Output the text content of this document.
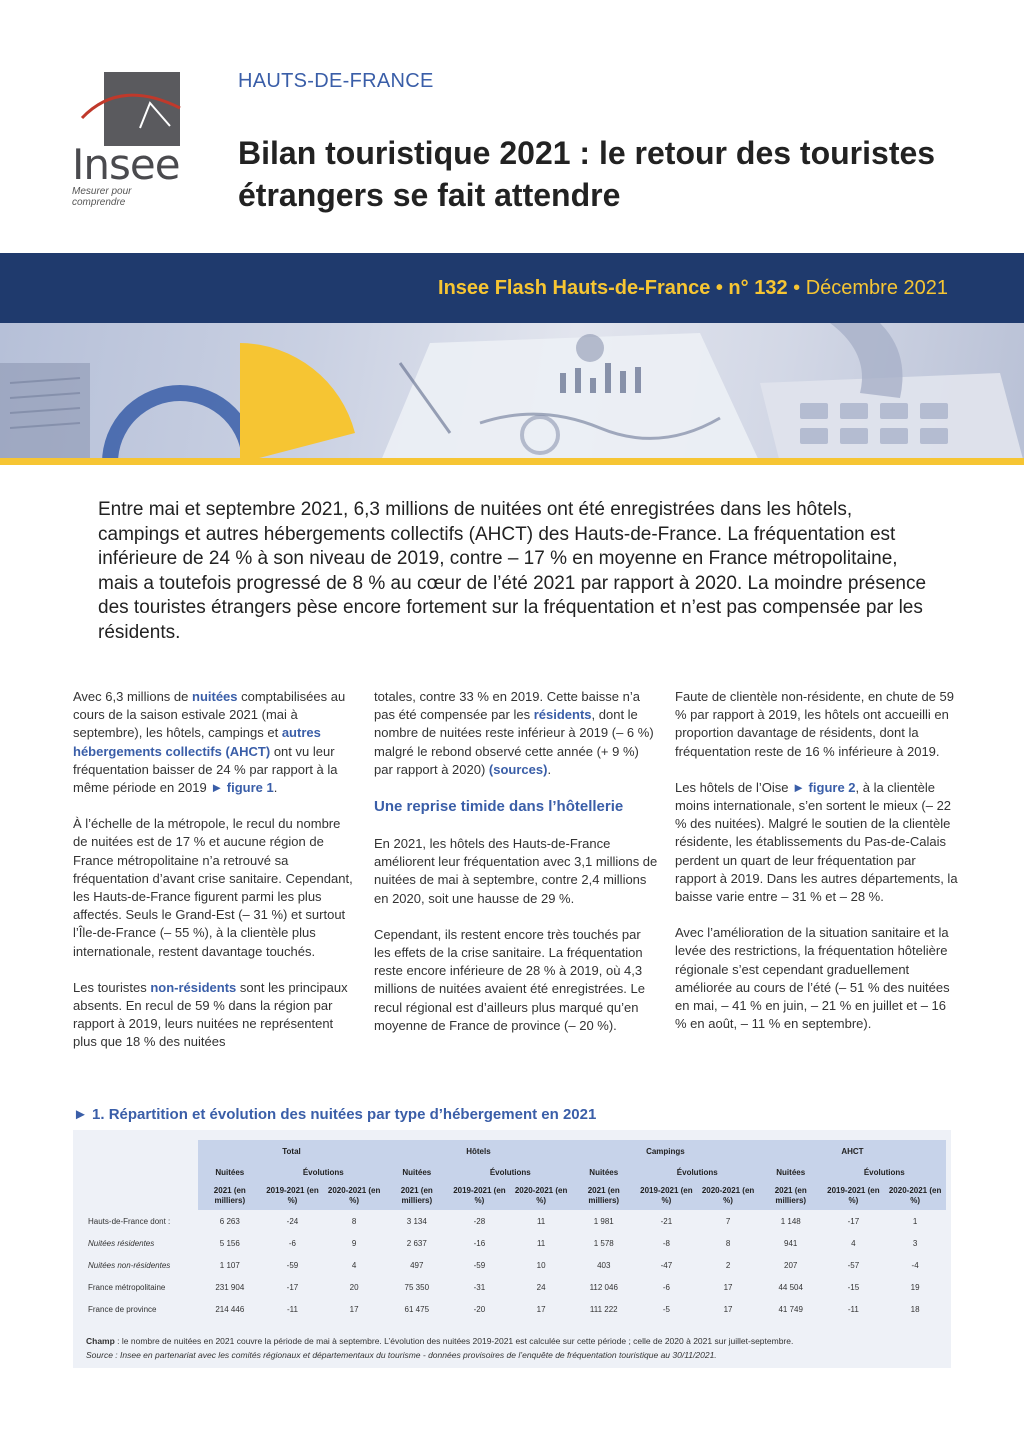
Insee
Mesurer pour comprendre
HAUTS-DE-FRANCE
Bilan touristique 2021 : le retour des touristes étrangers se fait attendre
Insee Flash Hauts-de-France • n° 132 • Décembre 2021

Entre mai et septembre 2021, 6,3 millions de nuitées ont été enregistrées dans les hôtels, campings et autres hébergements collectifs (AHCT) des Hauts-de-France. La fréquentation est inférieure de 24 % à son niveau de 2019, contre – 17 % en moyenne en France métropolitaine, mais a toutefois progressé de 8 % au cœur de l’été 2021 par rapport à 2020. La moindre présence des touristes étrangers pèse encore fortement sur la fréquentation et n’est pas compensée par les résidents.

Avec 6,3 millions de nuitées comptabilisées au cours de la saison estivale 2021 (mai à septembre), les hôtels, campings et autres hébergements collectifs (AHCT) ont vu leur fréquentation baisser de 24 % par rapport à la même période en 2019 ► figure 1.

À l’échelle de la métropole, le recul du nombre de nuitées est de 17 % et aucune région de France métropolitaine n’a retrouvé sa fréquentation d’avant crise sanitaire. Cependant, les Hauts-de-France figurent parmi les plus affectés. Seuls le Grand-Est (– 31 %) et surtout l’Île-de-France (– 55 %), à la clientèle plus internationale, restent davantage touchés.

Les touristes non-résidents sont les principaux absents. En recul de 59 % dans la région par rapport à 2019, leurs nuitées ne représentent plus que 18 % des nuitées

totales, contre 33 % en 2019. Cette baisse n’a pas été compensée par les résidents, dont le nombre de nuitées reste inférieur à 2019 (– 6 %) malgré le rebond observé cette année (+ 9 %) par rapport à 2020) (sources).

Une reprise timide dans l’hôtellerie

En 2021, les hôtels des Hauts-de-France améliorent leur fréquentation avec 3,1 millions de nuitées de mai à septembre, contre 2,4 millions en 2020, soit une hausse de 29 %.

Cependant, ils restent encore très touchés par les effets de la crise sanitaire. La fréquentation reste encore inférieure de 28 % à 2019, où 4,3 millions de nuitées avaient été enregistrées. Le recul régional est d’ailleurs plus marqué qu’en moyenne de France de province (– 20 %).

Faute de clientèle non-résidente, en chute de 59 % par rapport à 2019, les hôtels ont accueilli en proportion davantage de résidents, dont la fréquentation reste de 16 % inférieure à 2019.

Les hôtels de l’Oise ► figure 2, à la clientèle moins internationale, s’en sortent le mieux (– 22 % des nuitées). Malgré le soutien de la clientèle résidente, les établissements du Pas-de-Calais perdent un quart de leur fréquentation par rapport à 2019. Dans les autres départements, la baisse varie entre – 31 % et – 28 %.

Avec l’amélioration de la situation sanitaire et la levée des restrictions, la fréquentation hôtelière régionale s’est cependant graduellement améliorée au cours de l’été (– 51 % des nuitées en mai, – 41 % en juin, – 21 % en juillet et – 16 % en août, – 11 % en septembre).

► 1. Répartition et évolution des nuitées par type d’hébergement en 2021
	Total			Hôtels			Campings			AHCT		
	Nuitées	Évolutions		Nuitées	Évolutions		Nuitées	Évolutions		Nuitées	Évolutions	
	2021 (en milliers)	2019-2021 (en %)	2020-2021 (en %)	2021 (en milliers)	2019-2021 (en %)	2020-2021 (en %)	2021 (en milliers)	2019-2021 (en %)	2020-2021 (en %)	2021 (en milliers)	2019-2021 (en %)	2020-2021 (en %)
Hauts-de-France dont :	6 263	-24	8	3 134	-28	11	1 981	-21	7	1 148	-17	1
Nuitées résidentes	5 156	-6	9	2 637	-16	11	1 578	-8	8	941	4	3
Nuitées non-résidentes	1 107	-59	4	497	-59	10	403	-47	2	207	-57	-4
France métropolitaine	231 904	-17	20	75 350	-31	24	112 046	-6	17	44 504	-15	19
France de province	214 446	-11	17	61 475	-20	17	111 222	-5	17	41 749	-11	18
Champ : le nombre de nuitées en 2021 couvre la période de mai à septembre. L’évolution des nuitées 2019-2021 est calculée sur cette période ; celle de 2020 à 2021 sur juillet-septembre.
Source : Insee en partenariat avec les comités régionaux et départementaux du tourisme - données provisoires de l’enquête de fréquentation touristique au 30/11/2021.
